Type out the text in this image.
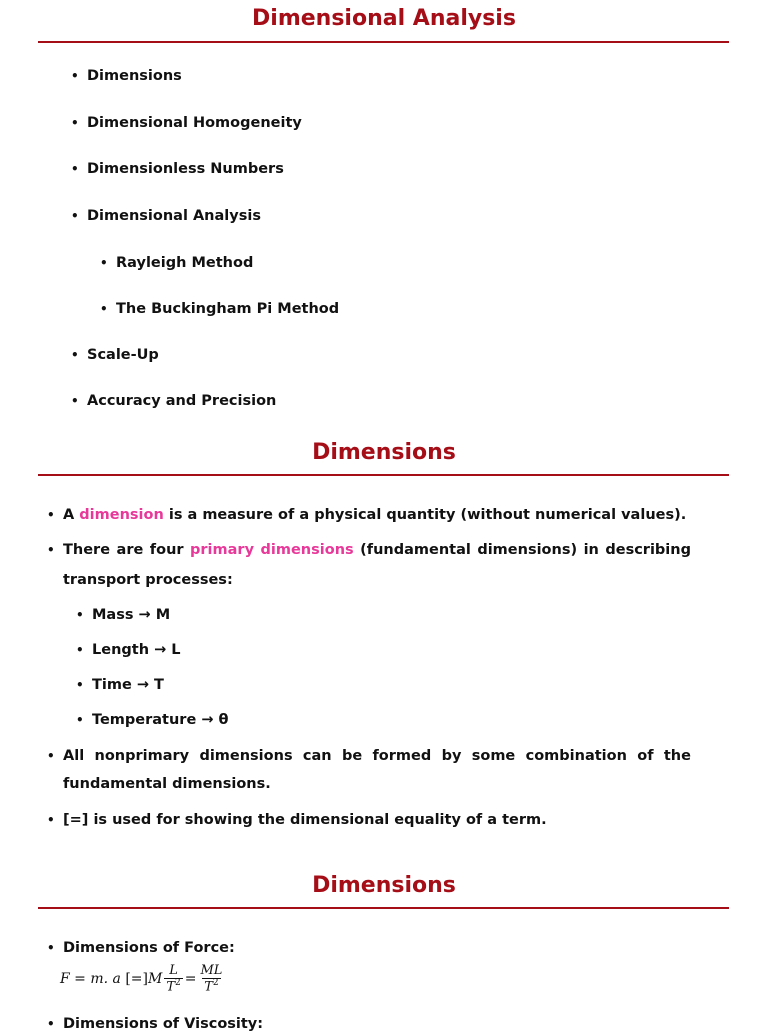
Dimensional Analysis
• Dimensions
• Dimensional Homogeneity
• Dimensionless Numbers
• Dimensional Analysis
• Rayleigh Method
• The Buckingham Pi Method
• Scale-Up
• Accuracy and Precision
Dimensions
• A dimension is a measure of a physical quantity (without numerical values).
• There are four primary dimensions (fundamental dimensions) in describing
transport processes:
• Mass → M
• Length → L
• Time → T
• Temperature → θ
• All nonprimary dimensions can be formed by some combination of the
fundamental dimensions.
• [=] is used for showing the dimensional equality of a term.
Dimensions
• Dimensions of Force:
F = m. a
[=] M $\frac{L}{T^2} = \frac{ML}{T^2}$
• Dimensions of Viscosity:
